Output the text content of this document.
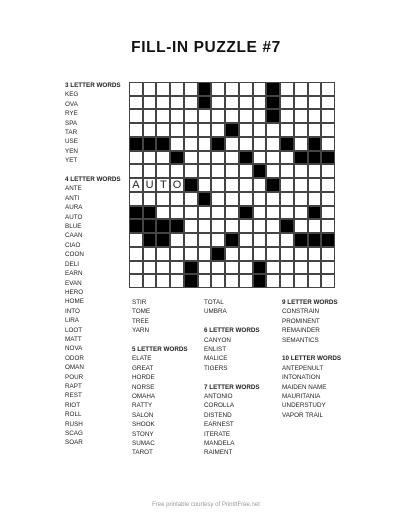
FILL-IN PUZZLE #7
A U T O
3 LETTER WORDS
KEG
OVA
RYE
SPA
TAR
USE
YEN
YET
4 LETTER WORDS
ANTE
ANTI
AURA
AUTO
BLUE
CAAN
CIAO
COON
DELI
EARN
EVAN
HERO
HOME
INTO
LIRA
LOOT
MATT
NOVA
ODOR
OMAN
POUR
RAPT
REST
RIOT
ROLL
RUSH
SCAG
SOAR
STIR
TOME
TREE
YARN
5 LETTER WORDS
ELATE
GREAT
HORDE
NORSE
OMAHA
RATTY
SALON
SHOOK
STONY
SUMAC
TAROT
TOTAL
UMBRA
6 LETTER WORDS
CANYON
ENLIST
MALICE
TIGERS
7 LETTER WORDS
ANTONIO
COROLLA
DISTEND
EARNEST
ITERATE
MANDELA
RAIMENT
9 LETTER WORDS
CONSTRAIN
PROMINENT
REMAINDER
SEMANTICS
10 LETTER WORDS
ANTEPENULT
INTONATION
MAIDEN NAME
MAURITANIA
UNDERSTUDY
VAPOR TRAIL
Free printable courtesy of PrintItFree.net
